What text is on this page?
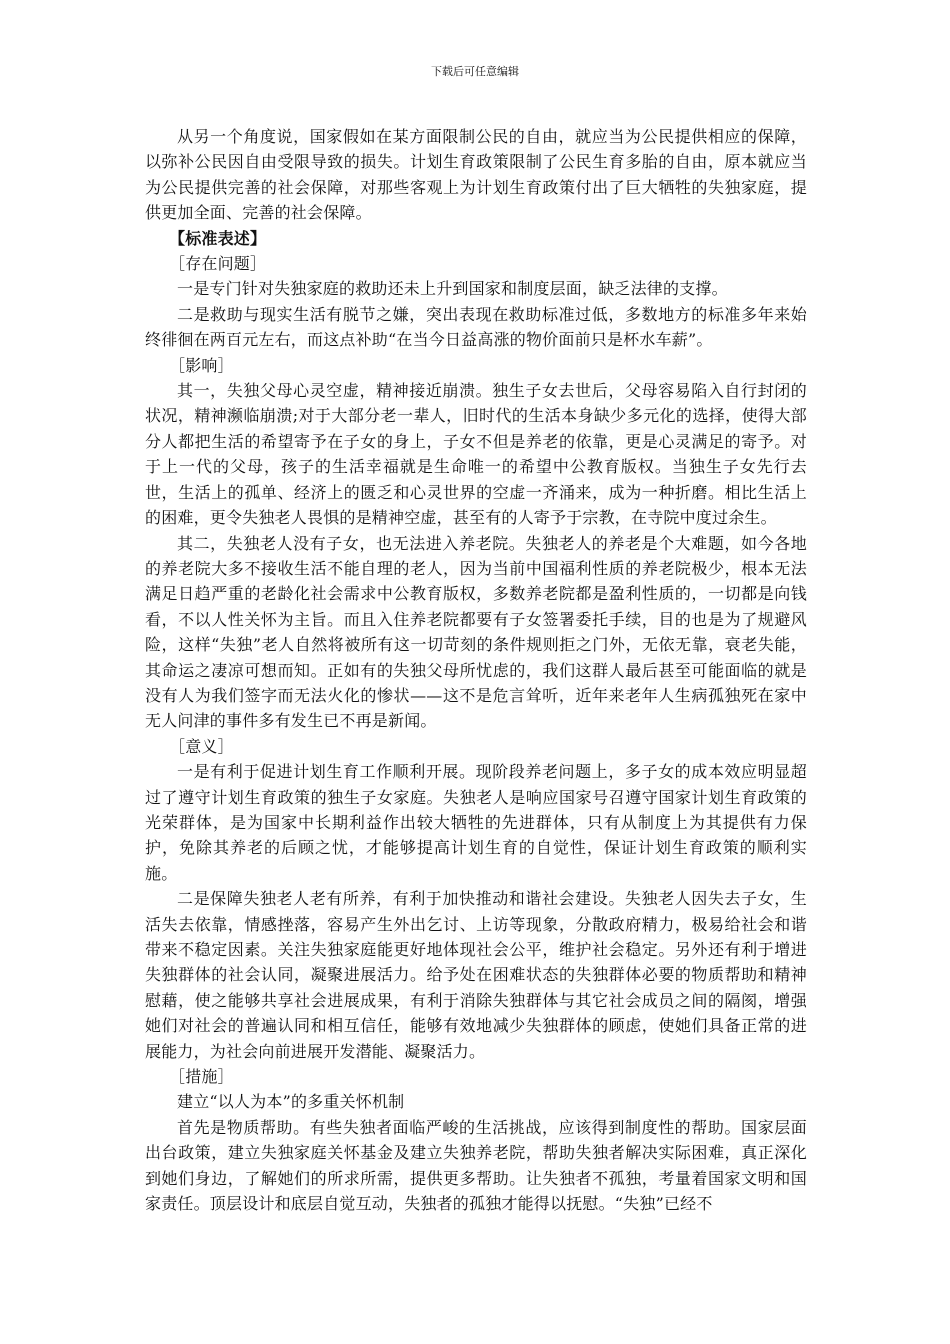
下载后可任意编辑

从另一个角度说，国家假如在某方面限制公民的自由，就应当为公民提供相应的保障，以弥补公民因自由受限导致的损失。计划生育政策限制了公民生育多胎的自由，原本就应当为公民提供完善的社会保障，对那些客观上为计划生育政策付出了巨大牺牲的失独家庭，提供更加全面、完善的社会保障。

【标准表述】

［存在问题］

一是专门针对失独家庭的救助还未上升到国家和制度层面，缺乏法律的支撑。

二是救助与现实生活有脱节之嫌，突出表现在救助标准过低，多数地方的标准多年来始终徘徊在两百元左右，而这点补助“在当今日益高涨的物价面前只是杯水车薪”。

［影响］

其一，失独父母心灵空虚，精神接近崩溃。独生子女去世后，父母容易陷入自行封闭的状况，精神濒临崩溃;对于大部分老一辈人，旧时代的生活本身缺少多元化的选择，使得大部分人都把生活的希望寄予在子女的身上，子女不但是养老的依靠，更是心灵满足的寄予。对于上一代的父母，孩子的生活幸福就是生命唯一的希望中公教育版权。当独生子女先行去世，生活上的孤单、经济上的匮乏和心灵世界的空虚一齐涌来，成为一种折磨。相比生活上的困难，更令失独老人畏惧的是精神空虚，甚至有的人寄予于宗教，在寺院中度过余生。

其二，失独老人没有子女，也无法进入养老院。失独老人的养老是个大难题，如今各地的养老院大多不接收生活不能自理的老人，因为当前中国福利性质的养老院极少，根本无法满足日趋严重的老龄化社会需求中公教育版权，多数养老院都是盈利性质的，一切都是向钱看，不以人性关怀为主旨。而且入住养老院都要有子女签署委托手续，目的也是为了规避风险，这样“失独”老人自然将被所有这一切苛刻的条件规则拒之门外，无依无靠，衰老失能，其命运之凄凉可想而知。正如有的失独父母所忧虑的，我们这群人最后甚至可能面临的就是没有人为我们签字而无法火化的惨状——这不是危言耸听，近年来老年人生病孤独死在家中无人问津的事件多有发生已不再是新闻。

［意义］

一是有利于促进计划生育工作顺利开展。现阶段养老问题上，多子女的成本效应明显超过了遵守计划生育政策的独生子女家庭。失独老人是响应国家号召遵守国家计划生育政策的光荣群体，是为国家中长期利益作出较大牺牲的先进群体，只有从制度上为其提供有力保护，免除其养老的后顾之忧，才能够提高计划生育的自觉性，保证计划生育政策的顺利实施。

二是保障失独老人老有所养，有利于加快推动和谐社会建设。失独老人因失去子女，生活失去依靠，情感挫落，容易产生外出乞讨、上访等现象，分散政府精力，极易给社会和谐带来不稳定因素。关注失独家庭能更好地体现社会公平，维护社会稳定。另外还有利于增进失独群体的社会认同，凝聚进展活力。给予处在困难状态的失独群体必要的物质帮助和精神慰藉，使之能够共享社会进展成果，有利于消除失独群体与其它社会成员之间的隔阂，增强她们对社会的普遍认同和相互信任，能够有效地减少失独群体的顾虑，使她们具备正常的进展能力，为社会向前进展开发潜能、凝聚活力。

［措施］

建立“以人为本”的多重关怀机制

首先是物质帮助。有些失独者面临严峻的生活挑战，应该得到制度性的帮助。国家层面出台政策，建立失独家庭关怀基金及建立失独养老院，帮助失独者解决实际困难，真正深化到她们身边，了解她们的所求所需，提供更多帮助。让失独者不孤独，考量着国家文明和国家责任。顶层设计和底层自觉互动，失独者的孤独才能得以抚慰。“失独”已经不
